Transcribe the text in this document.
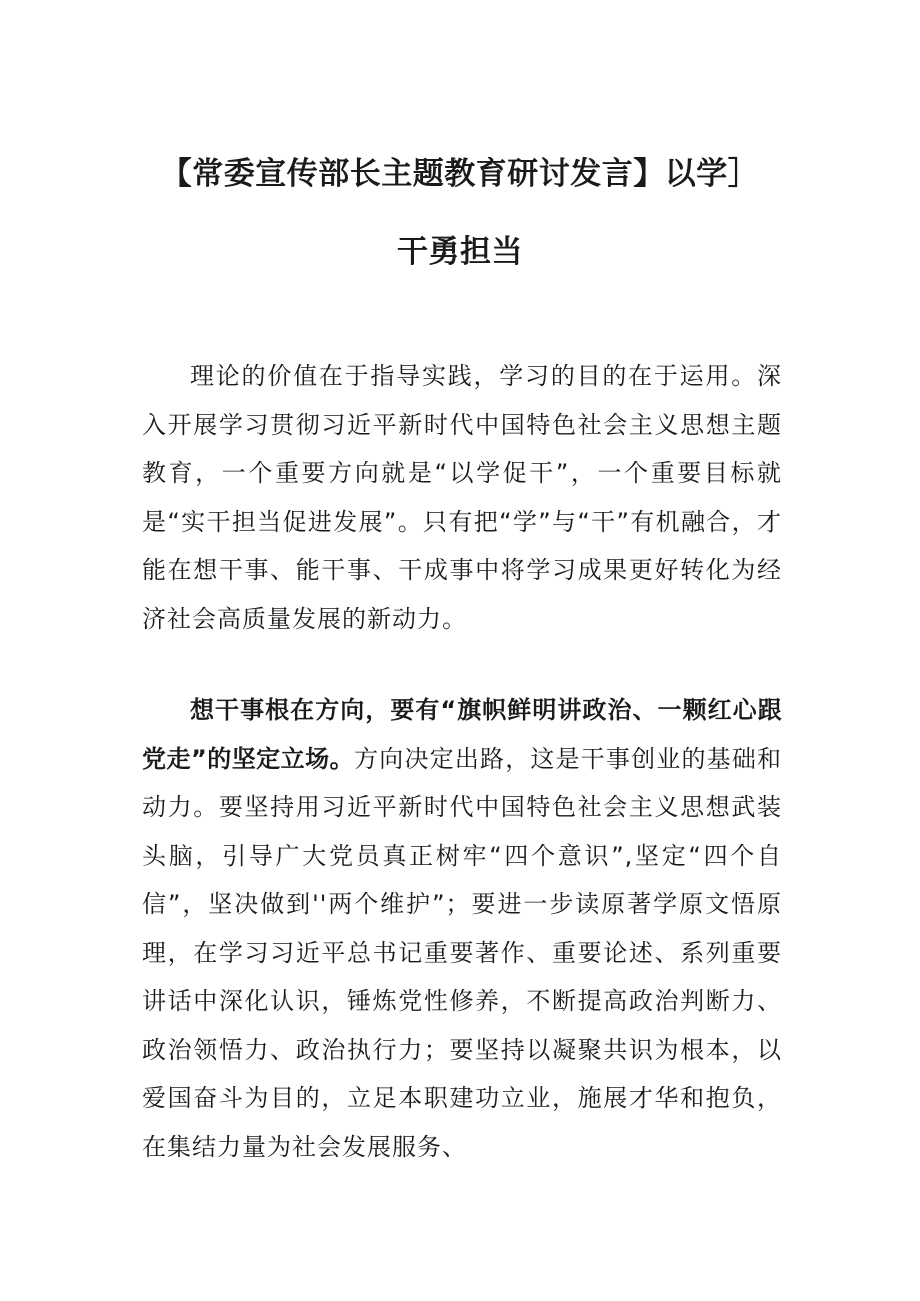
【常委宣传部长主题教育研讨发言】以学］
干勇担当

理论的价值在于指导实践，学习的目的在于运用。深入开展学习贯彻习近平新时代中国特色社会主义思想主题教育，一个重要方向就是“以学促干”，一个重要目标就是“实干担当促进发展”。只有把“学”与“干”有机融合，才能在想干事、能干事、干成事中将学习成果更好转化为经济社会高质量发展的新动力。

想干事根在方向，要有“旗帜鲜明讲政治、一颗红心跟党走”的坚定立场。方向决定出路，这是干事创业的基础和动力。要坚持用习近平新时代中国特色社会主义思想武装头脑，引导广大党员真正树牢“四个意识”,坚定“四个自信”，坚决做到''两个维护”；要进一步读原著学原文悟原理，在学习习近平总书记重要著作、重要论述、系列重要讲话中深化认识，锤炼党性修养，不断提高政治判断力、政治领悟力、政治执行力；要坚持以凝聚共识为根本，以爱国奋斗为目的，立足本职建功立业，施展才华和抱负，在集结力量为社会发展服务、
